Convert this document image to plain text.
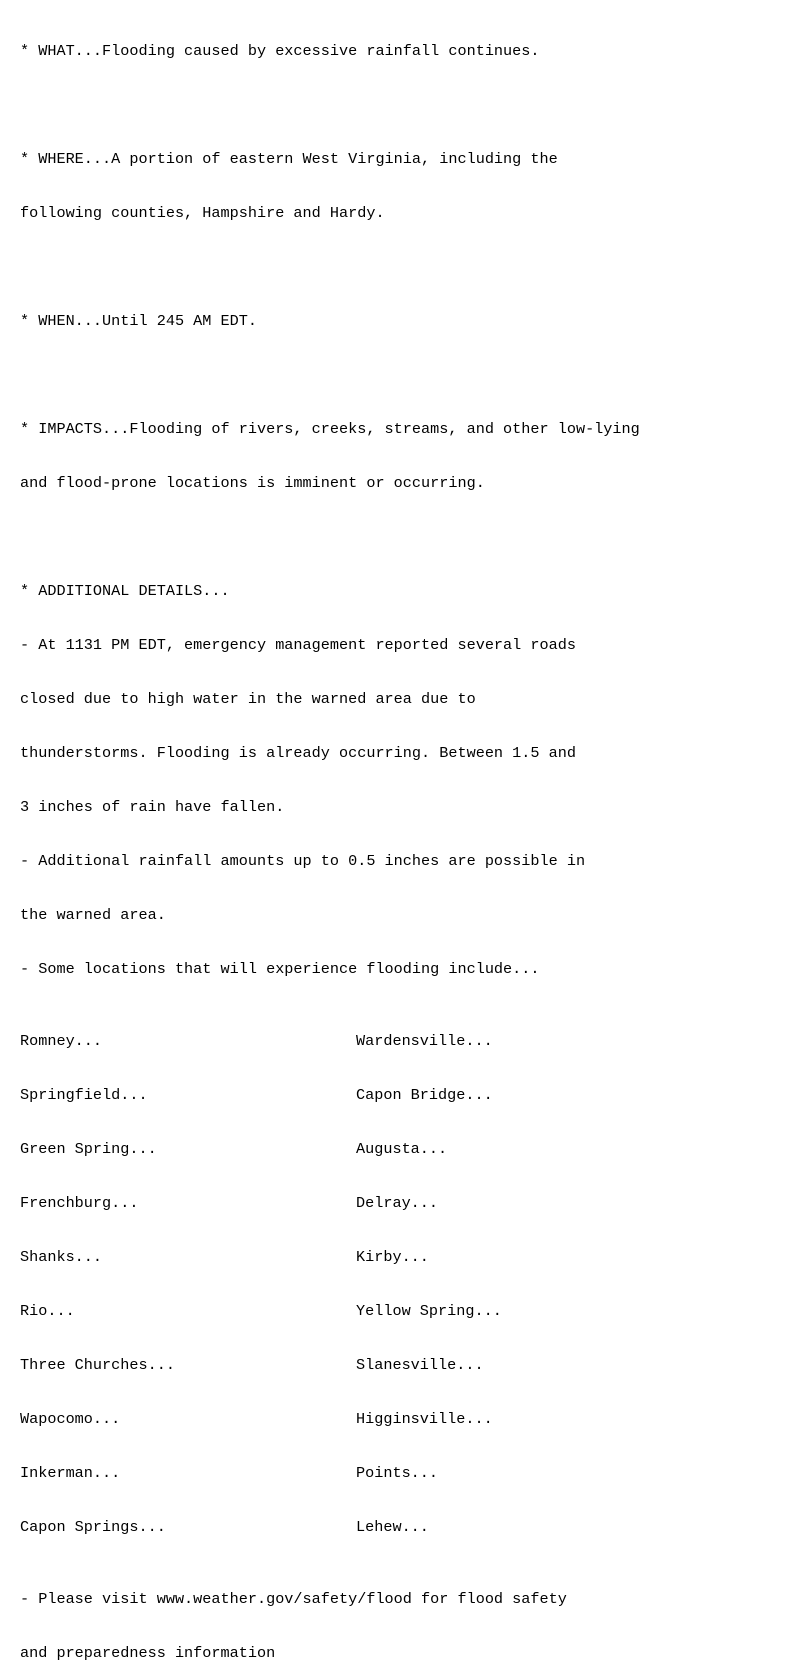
* WHAT...Flooding caused by excessive rainfall continues.

* WHERE...A portion of eastern West Virginia, including the

following counties, Hampshire and Hardy.

* WHEN...Until 245 AM EDT.

* IMPACTS...Flooding of rivers, creeks, streams, and other low-lying

and flood-prone locations is imminent or occurring.

* ADDITIONAL DETAILS...

- At 1131 PM EDT, emergency management reported several roads

closed due to high water in the warned area due to

thunderstorms. Flooding is already occurring. Between 1.5 and

3 inches of rain have fallen.

- Additional rainfall amounts up to 0.5 inches are possible in

the warned area.

- Some locations that will experience flooding include...

Romney...	Wardensville...

Springfield...	Capon Bridge...

Green Spring...	Augusta...

Frenchburg...	Delray...

Shanks...	Kirby...

Rio...	Yellow Spring...

Three Churches...	Slanesville...

Wapocomo...	Higginsville...

Inkerman...	Points...

Capon Springs...	Lehew...

- Please visit www.weather.gov/safety/flood for flood safety

and preparedness information
